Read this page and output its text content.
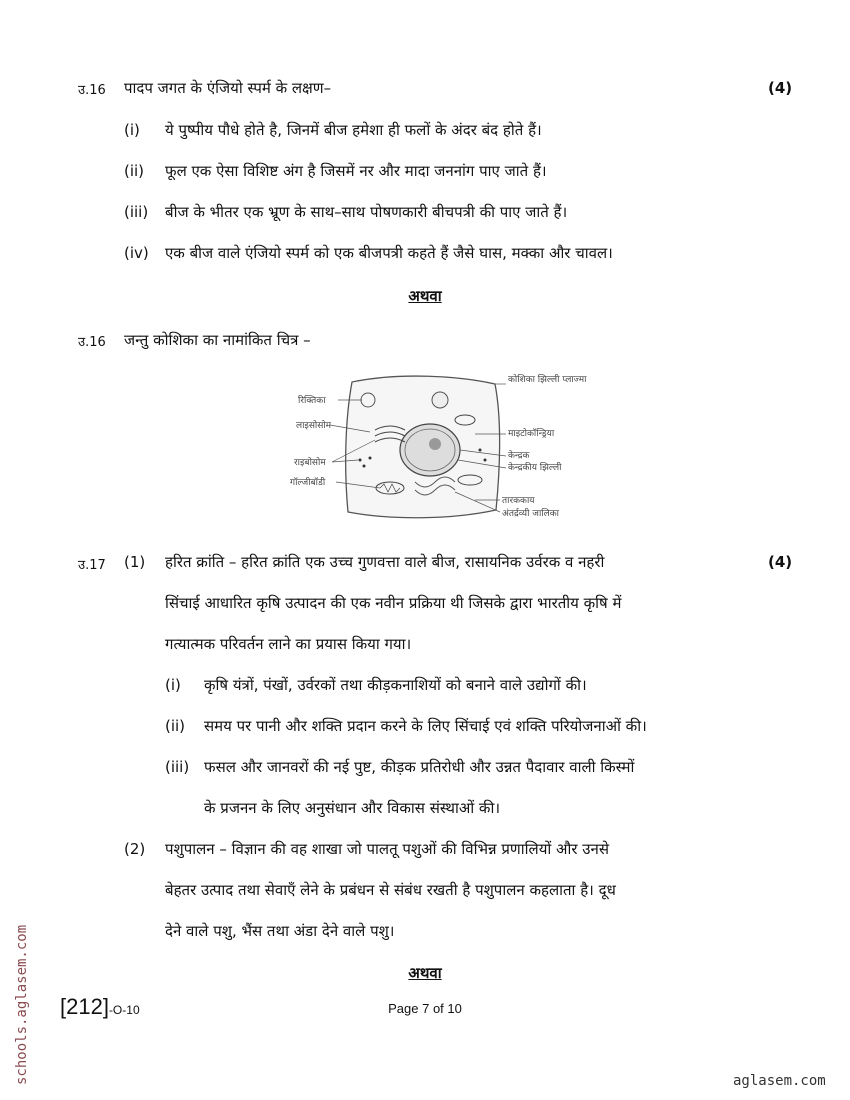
उ.16 पादप जगत के एंजियो स्पर्म के लक्षण–	(4)
(i) ये पुष्पीय पौधे होते है, जिनमें बीज हमेशा ही फलों के अंदर बंद होते हैं।
(ii) फूल एक ऐसा विशिष्ट अंग है जिसमें नर और मादा जननांग पाए जाते हैं।
(iii) बीज के भीतर एक भ्रूण के साथ–साथ पोषणकारी बीचपत्री की पाए जाते हैं।
(iv) एक बीज वाले एंजियो स्पर्म को एक बीजपत्री कहते हैं जैसे घास, मक्का और चावल।
अथवा
उ.16 जन्तु कोशिका का नामांकित चित्र –
रिक्तिका
लाइसोसोम
राइबोसोम
गॉल्जीबॉडी
कोशिका झिल्ली प्लाज्मा
माइटोकॉन्ड्रिया
केन्द्रक
केन्द्रकीय झिल्ली
तारककाय
अंतर्द्रव्यी जालिका
उ.17 (1)	(4)
हरित क्रांति – हरित क्रांति एक उच्च गुणवत्ता वाले बीज, रासायनिक उर्वरक व नहरी
सिंचाई आधारित कृषि उत्पादन की एक नवीन प्रक्रिया थी जिसके द्वारा भारतीय कृषि में
गत्यात्मक परिवर्तन लाने का प्रयास किया गया।
(i) कृषि यंत्रों, पंखों, उर्वरकों तथा कीड़कनाशियों को बनाने वाले उद्योगों की।
(ii) समय पर पानी और शक्ति प्रदान करने के लिए सिंचाई एवं शक्ति परियोजनाओं की।
(iii) फसल और जानवरों की नई पुष्ट, कीड़क प्रतिरोधी और उन्नत पैदावार वाली किस्मों
के प्रजनन के लिए अनुसंधान और विकास संस्थाओं की।
(2) पशुपालन – विज्ञान की वह शाखा जो पालतू पशुओं की विभिन्न प्रणालियों और उनसे
बेहतर उत्पाद तथा सेवाएँ लेने के प्रबंधन से संबंध रखती है पशुपालन कहलाता है। दूध
देने वाले पशु, भैंस तथा अंडा देने वाले पशु।
अथवा
[212]-O-10	Page 7 of 10
schools.aglasem.com	aglasem.com
